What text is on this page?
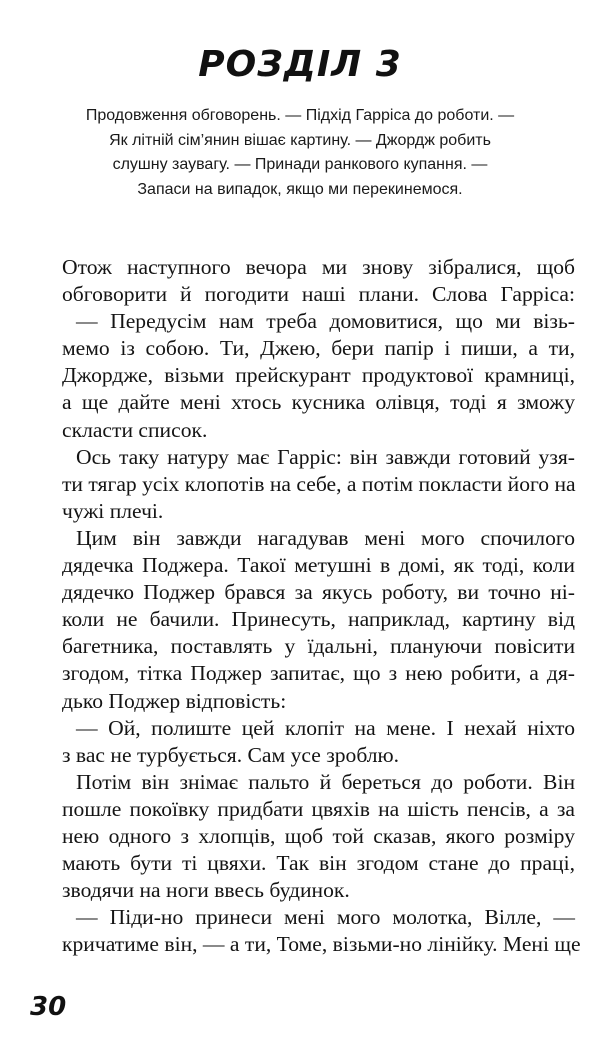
РОЗДІЛ 3
Продовження обговорень. — Підхід Гарріса до роботи. —
Як літній сім’янин вішає картину. — Джордж робить
слушну заувагу. — Принади ранкового купання. —
Запаси на випадок, якщо ми перекинемося.
Отож наступного вечора ми знову зібралися, щоб
обговорити й погодити наші плани. Слова Гарріса:
— Передусім нам треба домовитися, що ми візь-
мемо із собою. Ти, Джею, бери папір і пиши, а ти,
Джордже, візьми прейскурант продуктової крамниці,
а ще дайте мені хтось кусника олівця, тоді я зможу
скласти список.
Ось таку натуру має Гарріс: він завжди готовий узя-
ти тягар усіх клопотів на себе, а потім покласти його на
чужі плечі.
Цим він завжди нагадував мені мого спочилого
дядечка Поджера. Такої метушні в домі, як тоді, коли
дядечко Поджер брався за якусь роботу, ви точно ні-
коли не бачили. Принесуть, наприклад, картину від
багетника, поставлять у їдальні, плануючи повісити
згодом, тітка Поджер запитає, що з нею робити, а дя-
дько Поджер відповість:
— Ой, полиште цей клопіт на мене. І нехай ніхто
з вас не турбується. Сам усе зроблю.
Потім він знімає пальто й береться до роботи. Він
пошле покоївку придбати цвяхів на шість пенсів, а за
нею одного з хлопців, щоб той сказав, якого розміру
мають бути ті цвяхи. Так він згодом стане до праці,
зводячи на ноги ввесь будинок.
— Піди-но принеси мені мого молотка, Вілле, —
кричатиме він, — а ти, Томе, візьми-но лінійку. Мені ще
30
